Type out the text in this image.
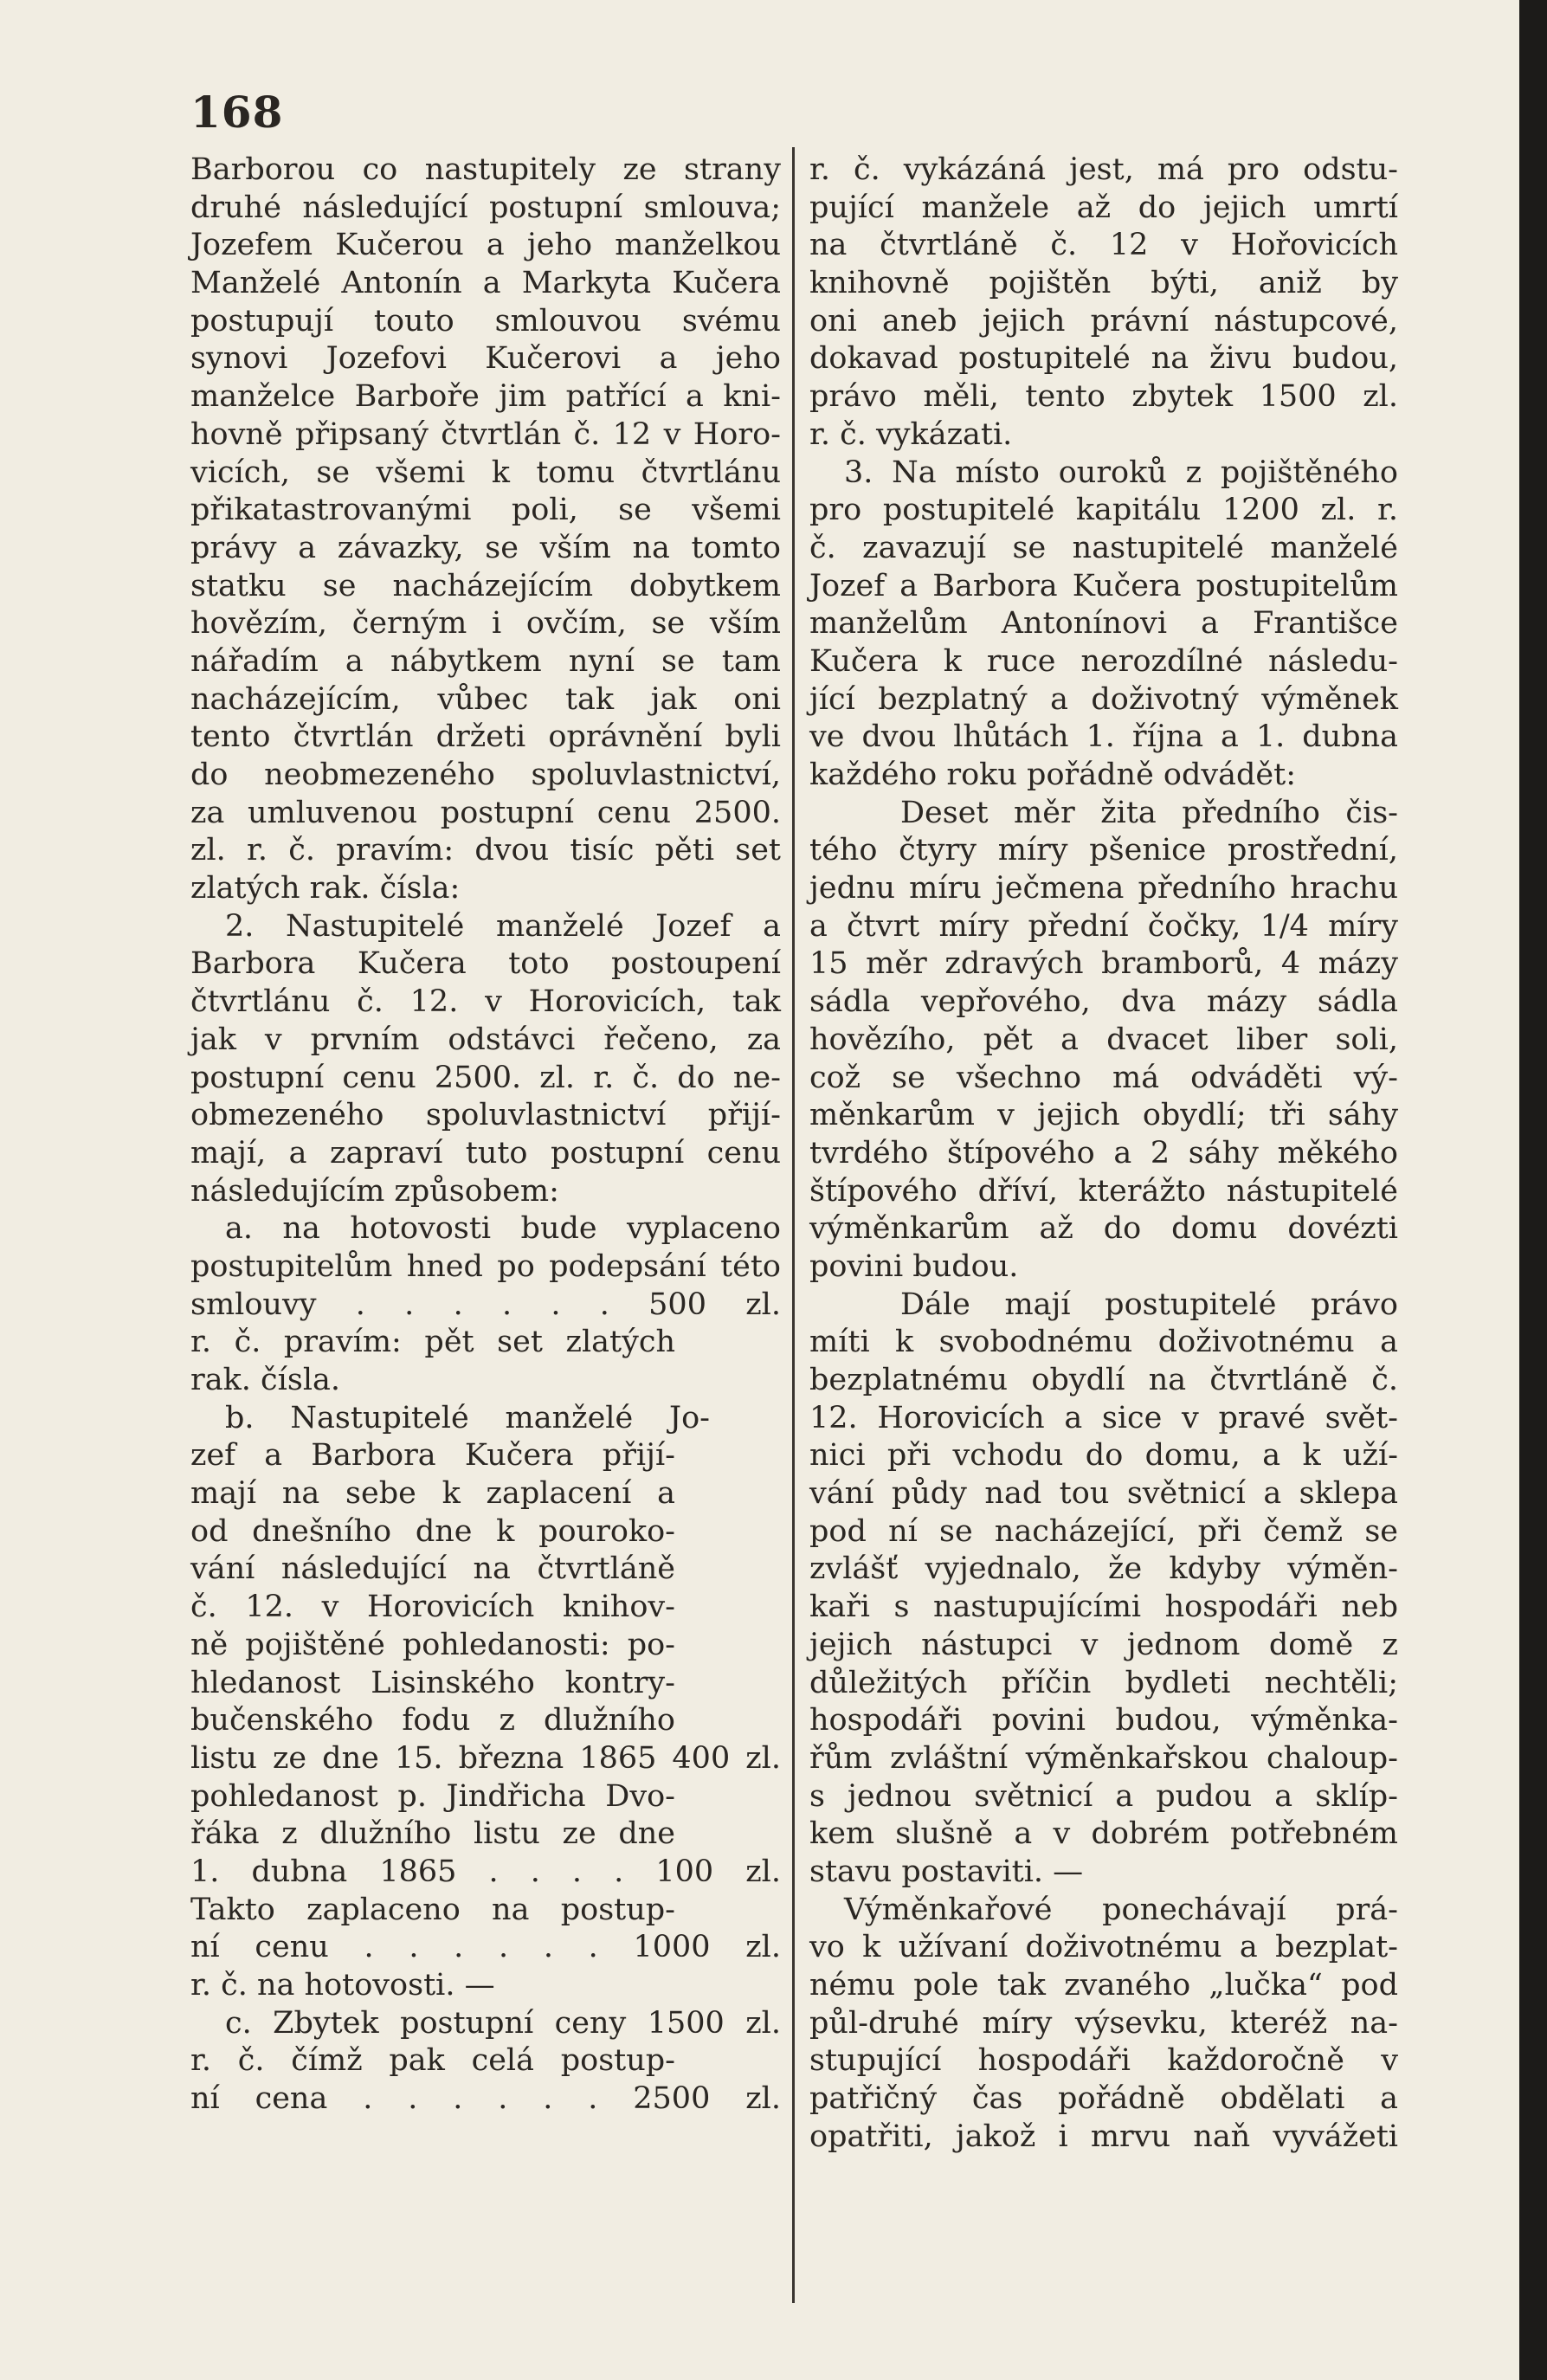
168
Barborou co nastupitely ze strany
druhé následující postupní smlouva;
Jozefem Kučerou a jeho manželkou
Manželé Antonín a Markyta Kučera
postupují touto smlouvou svému
synovi Jozefovi Kučerovi a jeho
manželce Barboře jim patřící a kni-
hovně připsaný čtvrtlán č. 12 v Horo-
vicích, se všemi k tomu čtvrtlánu
přikatastrovanými poli, se všemi
právy a závazky, se vším na tomto
statku se nacházejícím dobytkem
hovězím, černým i ovčím, se vším
nářadím a nábytkem nyní se tam
nacházejícím, vůbec tak jak oni
tento čtvrtlán držeti oprávnění byli
do neobmezeného spoluvlastnictví,
za umluvenou postupní cenu 2500.
zl. r. č. pravím: dvou tisíc pěti set
zlatých rak. čísla:
2. Nastupitelé manželé Jozef a
Barbora Kučera toto postoupení
čtvrtlánu č. 12. v Horovicích, tak
jak v prvním odstávci řečeno, za
postupní cenu 2500. zl. r. č. do ne-
obmezeného spoluvlastnictví přijí-
mají, a zapraví tuto postupní cenu
následujícím způsobem:
a. na hotovosti bude vyplaceno
postupitelům hned po podepsání této
smlouvy . . . . . . 500 zl.
r. č. pravím: pět set zlatých
rak. čísla.
b. Nastupitelé manželé Jo-
zef a Barbora Kučera přijí-
mají na sebe k zaplacení a
od dnešního dne k pouroko-
vání následující na čtvrtláně
č. 12. v Horovicích knihov-
ně pojištěné pohledanosti: po-
hledanost Lisinského kontry-
bučenského fodu z dlužního
listu ze dne 15. března 1865 400 zl.
pohledanost p. Jindřicha Dvo-
řáka z dlužního listu ze dne
1. dubna 1865 . . . . 100 zl.
Takto zaplaceno na postup-
ní cenu . . . . . . 1000 zl.
r. č. na hotovosti. —
c. Zbytek postupní ceny 1500 zl.
r. č. čímž pak celá postup-
ní cena . . . . . . 2500 zl.
r. č. vykázáná jest, má pro odstu-
pující manžele až do jejich umrtí
na čtvrtláně č. 12 v Hořovicích
knihovně pojištěn býti, aniž by
oni aneb jejich právní nástupcové,
dokavad postupitelé na živu budou,
právo měli, tento zbytek 1500 zl.
r. č. vykázati.
3. Na místo ouroků z pojištěného
pro postupitelé kapitálu 1200 zl. r.
č. zavazují se nastupitelé manželé
Jozef a Barbora Kučera postupitelům
manželům Antonínovi a Františce
Kučera k ruce nerozdílné následu-
jící bezplatný a doživotný výměnek
ve dvou lhůtách 1. října a 1. dubna
každého roku pořádně odvádět:
Deset měr žita předního čis-
tého čtyry míry pšenice prostřední,
jednu míru ječmena předního hrachu
a čtvrt míry přední čočky, 1/4 míry
15 měr zdravých bramborů, 4 mázy
sádla vepřového, dva mázy sádla
hovězího, pět a dvacet liber soli,
což se všechno má odváděti vý-
měnkarům v jejich obydlí; tři sáhy
tvrdého štípového a 2 sáhy měkého
štípového dříví, kterážto nástupitelé
výměnkarům až do domu dovézti
povini budou.
Dále mají postupitelé právo
míti k svobodnému doživotnému a
bezplatnému obydlí na čtvrtláně č.
12. Horovicích a sice v pravé svět-
nici při vchodu do domu, a k uží-
vání půdy nad tou světnicí a sklepa
pod ní se nacházející, při čemž se
zvlášť vyjednalo, že kdyby výměn-
kaři s nastupujícími hospodáři neb
jejich nástupci v jednom domě z
důležitých příčin bydleti nechtěli;
hospodáři povini budou, výměnka-
řům zvláštní výměnkařskou chaloup-
s jednou světnicí a pudou a sklíp-
kem slušně a v dobrém potřebném
stavu postaviti. —
Výměnkařové ponechávají prá-
vo k užívaní doživotnému a bezplat-
nému pole tak zvaného „lučka“ pod
půl-druhé míry výsevku, kteréž na-
stupující hospodáři každoročně v
patřičný čas pořádně obdělati a
opatřiti, jakož i mrvu naň vyvážeti
